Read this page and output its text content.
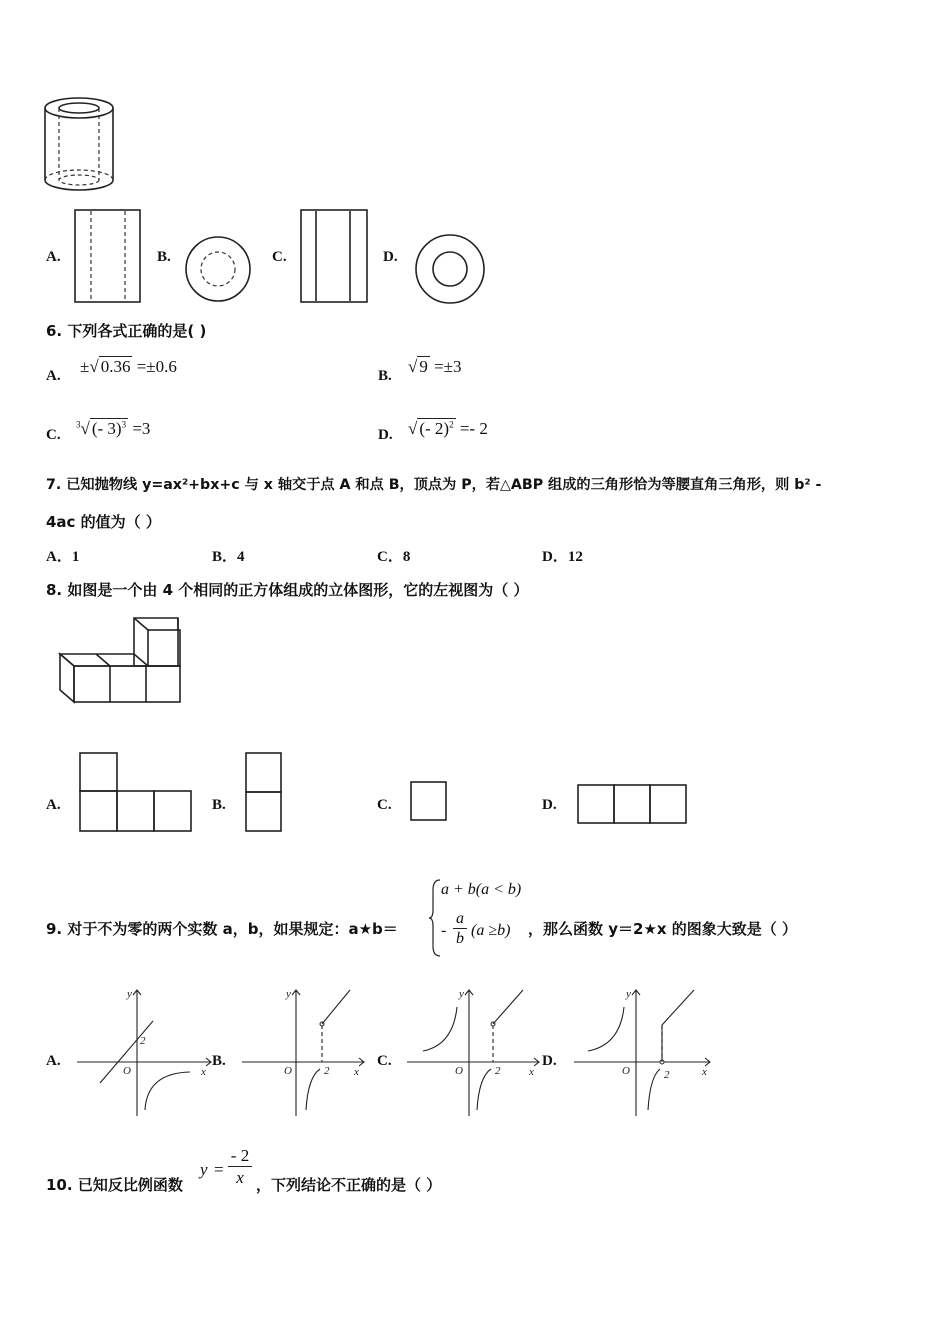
A.	B.	C.	D.
6. 下列各式正确的是( )
A. ±√ 0.36 =±0.6	B. √ 9 =±3
C.
$^3$√ (- 3)$^3$ =3	D. √ (- 2)$^2$ =- 2
7. 已知抛物线 y=ax²+bx+c 与 x 轴交于点 A 和点 B，顶点为 P，若△ABP 组成的三角形恰为等腰直角三角形，则 b² -
4ac 的值为（ ）
A．1	B．4	C．8	D．12
8. 如图是一个由 4 个相同的正方体组成的立体图形，它的左视图为（ ）
A.	B.	C.	D.
9. 对于不为零的两个实数 a，b，如果规定：a★b＝
a + b(a < b)
- $\frac{a}{b} (a \ge b)$ ，那么函数 y＝2★x 的图象大致是（ ）
A.
y
x
O
2
B.
y
x
O	2
C.
y
x
O	2
D.
y
x
O	2
10. 已知反比例函数
$y = \frac{- 2}{x}$ ，下列结论不正确的是（ ）
